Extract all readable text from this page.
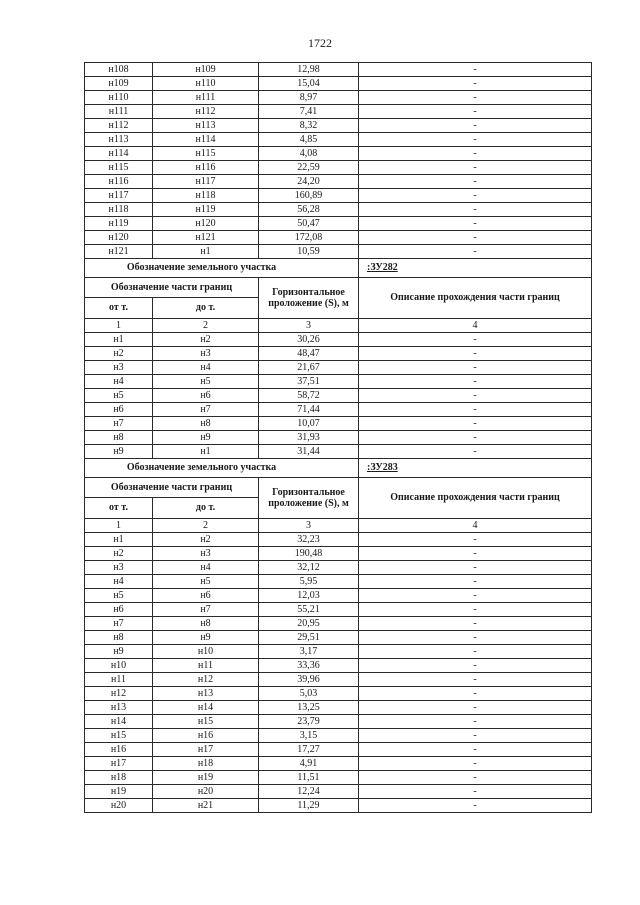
1722
н108	н109	12,98	-
н109	н110	15,04	-
н110	н111	8,97	-
н111	н112	7,41	-
н112	н113	8,32	-
н113	н114	4,85	-
н114	н115	4,08	-
н115	н116	22,59	-
н116	н117	24,20	-
н117	н118	160,89	-
н118	н119	56,28	-
н119	н120	50,47	-
н120	н121	172,08	-
н121	н1	10,59	-
Обозначение земельного участка			:ЗУ282
Обозначение части границ		Горизонтальное проложение (S), м	Описание прохождения части границ
от т.	до т.		
1	2	3	4
н1	н2	30,26	-
н2	н3	48,47	-
н3	н4	21,67	-
н4	н5	37,51	-
н5	н6	58,72	-
н6	н7	71,44	-
н7	н8	10,07	-
н8	н9	31,93	-
н9	н1	31,44	-
Обозначение земельного участка			:ЗУ283
Обозначение части границ		Горизонтальное проложение (S), м	Описание прохождения части границ
от т.	до т.		
1	2	3	4
н1	н2	32,23	-
н2	н3	190,48	-
н3	н4	32,12	-
н4	н5	5,95	-
н5	н6	12,03	-
н6	н7	55,21	-
н7	н8	20,95	-
н8	н9	29,51	-
н9	н10	3,17	-
н10	н11	33,36	-
н11	н12	39,96	-
н12	н13	5,03	-
н13	н14	13,25	-
н14	н15	23,79	-
н15	н16	3,15	-
н16	н17	17,27	-
н17	н18	4,91	-
н18	н19	11,51	-
н19	н20	12,24	-
н20	н21	11,29	-
